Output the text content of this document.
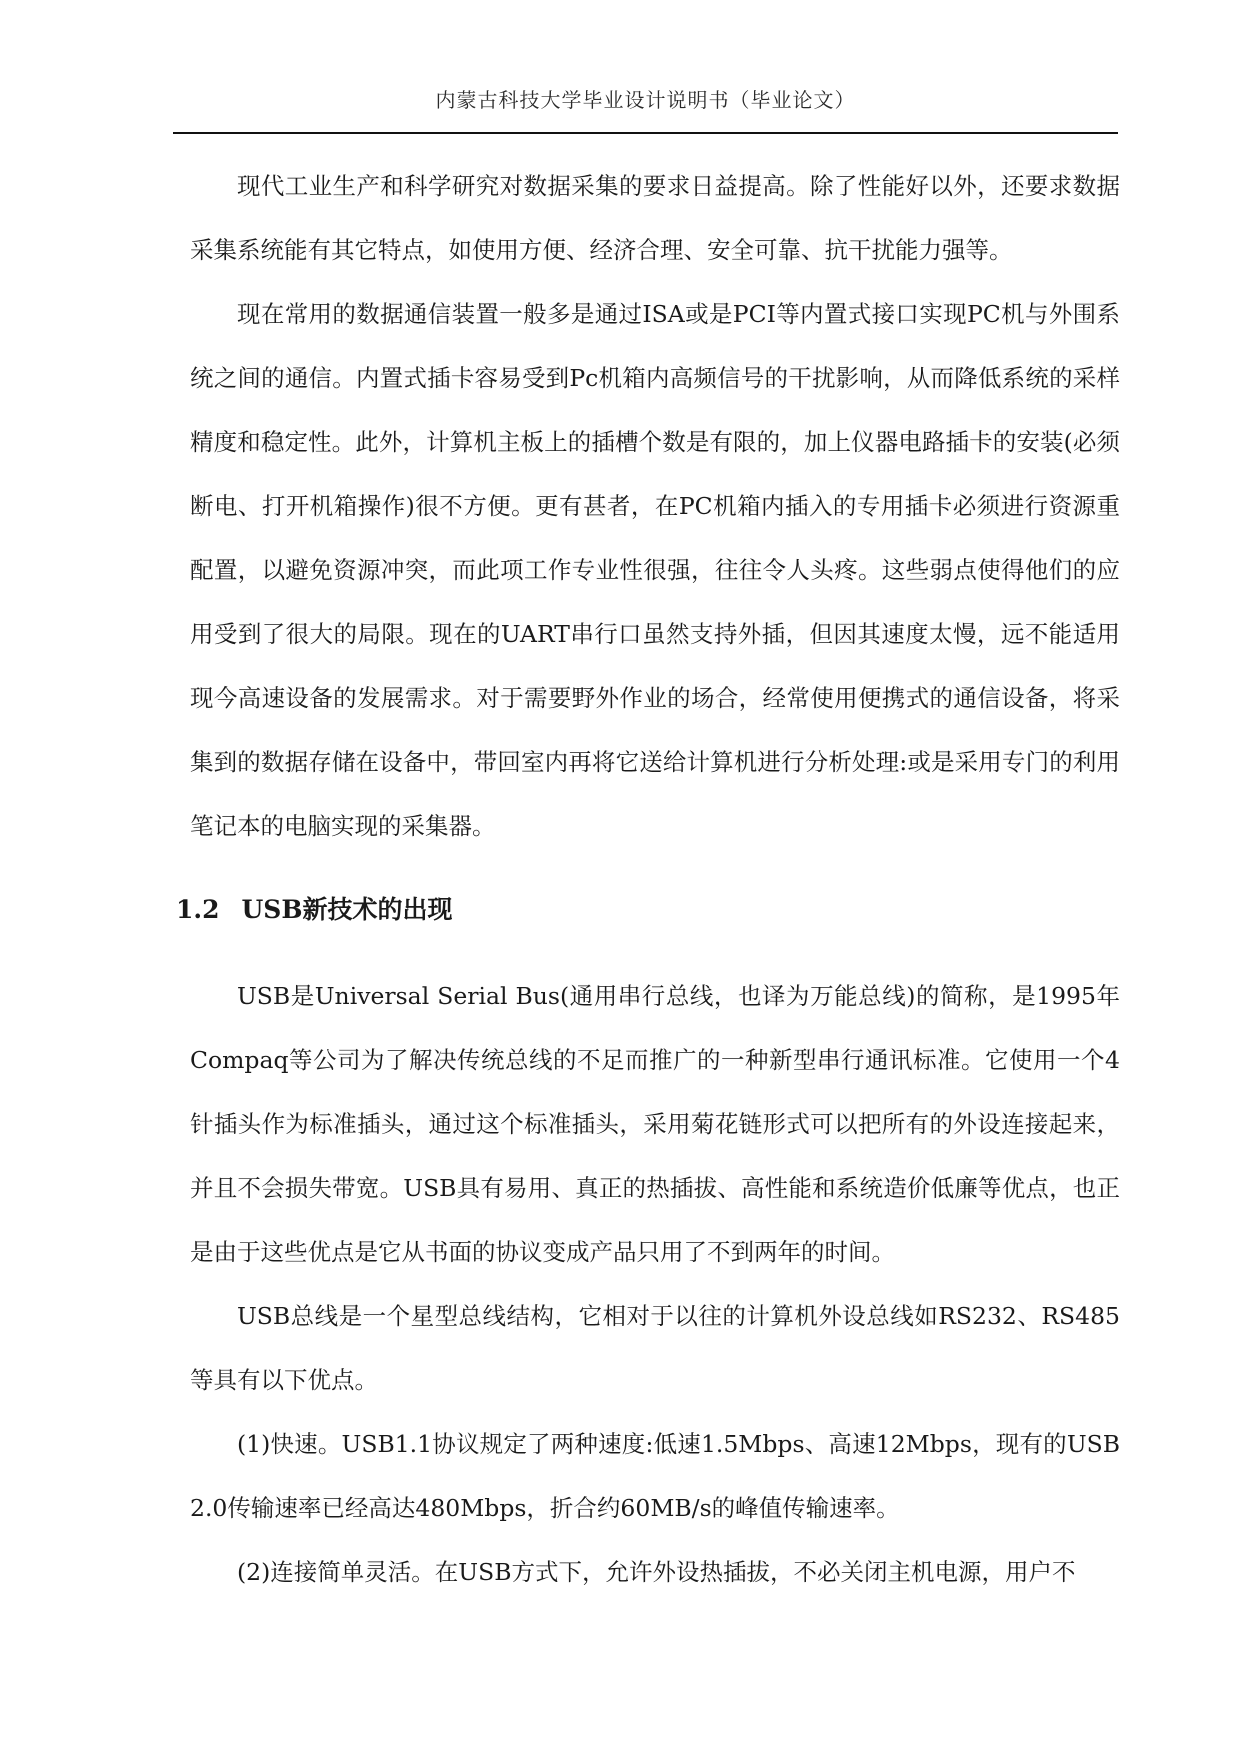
内蒙古科技大学毕业设计说明书（毕业论文）

现代工业生产和科学研究对数据采集的要求日益提高。除了性能好以外，还要求数据采集系统能有其它特点，如使用方便、经济合理、安全可靠、抗干扰能力强等。

现在常用的数据通信装置一般多是通过ISA或是PCI等内置式接口实现PC机与外围系统之间的通信。内置式插卡容易受到Pc机箱内高频信号的干扰影响，从而降低系统的采样精度和稳定性。此外，计算机主板上的插槽个数是有限的，加上仪器电路插卡的安装(必须断电、打开机箱操作)很不方便。更有甚者，在PC机箱内插入的专用插卡必须进行资源重配置，以避免资源冲突，而此项工作专业性很强，往往令人头疼。这些弱点使得他们的应用受到了很大的局限。现在的UART串行口虽然支持外插，但因其速度太慢，远不能适用现今高速设备的发展需求。对于需要野外作业的场合，经常使用便携式的通信设备，将采集到的数据存储在设备中，带回室内再将它送给计算机进行分析处理:或是采用专门的利用笔记本的电脑实现的采集器。

1.2 USB新技术的出现

USB是Universal Serial Bus(通用串行总线，也译为万能总线)的简称，是1995年Compaq等公司为了解决传统总线的不足而推广的一种新型串行通讯标准。它使用一个4针插头作为标准插头，通过这个标准插头，采用菊花链形式可以把所有的外设连接起来，并且不会损失带宽。USB具有易用、真正的热插拔、高性能和系统造价低廉等优点，也正是由于这些优点是它从书面的协议变成产品只用了不到两年的时间。

USB总线是一个星型总线结构，它相对于以往的计算机外设总线如RS232、RS485等具有以下优点。

(1)快速。USB1.1协议规定了两种速度:低速1.5Mbps、高速12Mbps，现有的USB2.0传输速率已经高达480Mbps，折合约60MB/s的峰值传输速率。

(2)连接简单灵活。在USB方式下，允许外设热插拔，不必关闭主机电源，用户不
